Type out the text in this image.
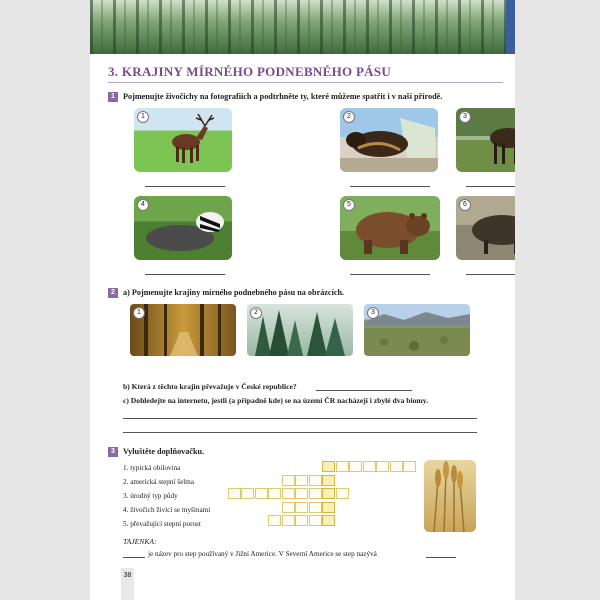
3. KRAJINY MÍRNÉHO PODNEBNÉHO PÁSU
1 Pojmenujte živočichy na fotografiích a podtrhněte ty, které můžeme spatřit i v naší přírodě.
1	2	3
4	5	6
2 a) Pojmenujte krajiny mírného podnebného pásu na obrázcích.
1	2	3
b) Která z těchto krajin převažuje v České republice?
c) Dohledejte na internetu, jestli (a případně kde) se na území ČR nacházejí i zbylé dva biomy.
3 Vyluštěte doplňovačku.
1. typická obilovina
2. americká stepní šelma
3. úrodný typ půdy
4. živočich živící se myšinami
5. převažující stepní porost
TAJENKA:
je název pro step používaný v Jižní Americe. V Severní Americe se step nazývá
38
